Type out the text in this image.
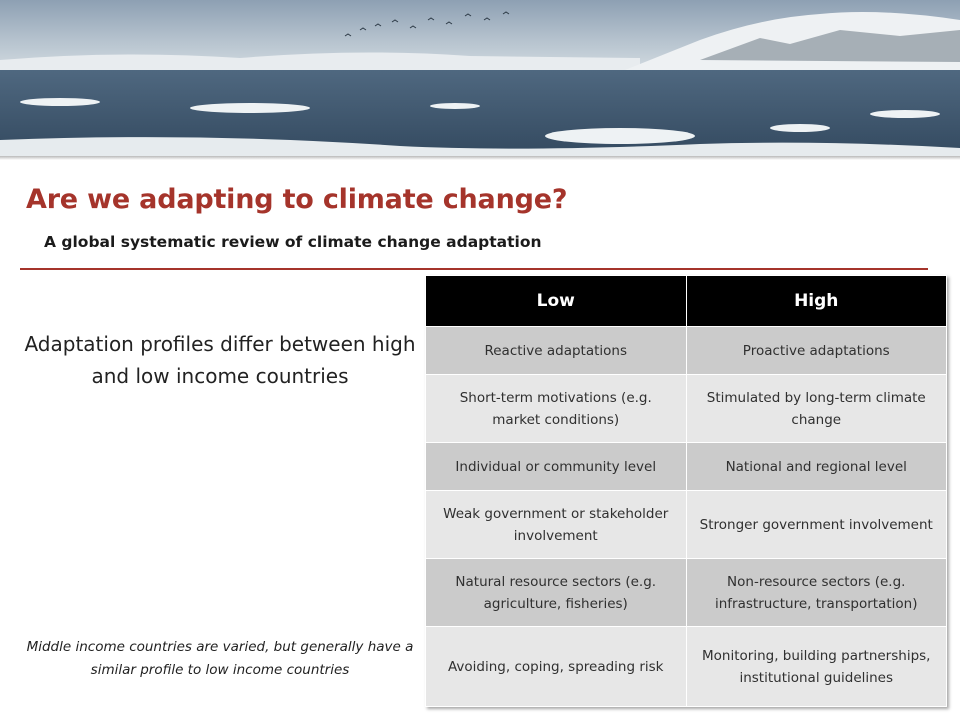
Are we adapting to climate change?

A global systematic review of climate change adaptation

Adaptation profiles differ between high and low income countries

Middle income countries are varied, but generally have a similar profile to low income countries

Low	High
Reactive adaptations	Proactive adaptations
Short-term motivations (e.g. market conditions)	Stimulated by long-term climate change
Individual or community level	National and regional level
Weak government or stakeholder involvement	Stronger government involvement
Natural resource sectors (e.g. agriculture, fisheries)	Non-resource sectors (e.g. infrastructure, transportation)
Avoiding, coping, spreading risk	Monitoring, building partnerships, institutional guidelines
